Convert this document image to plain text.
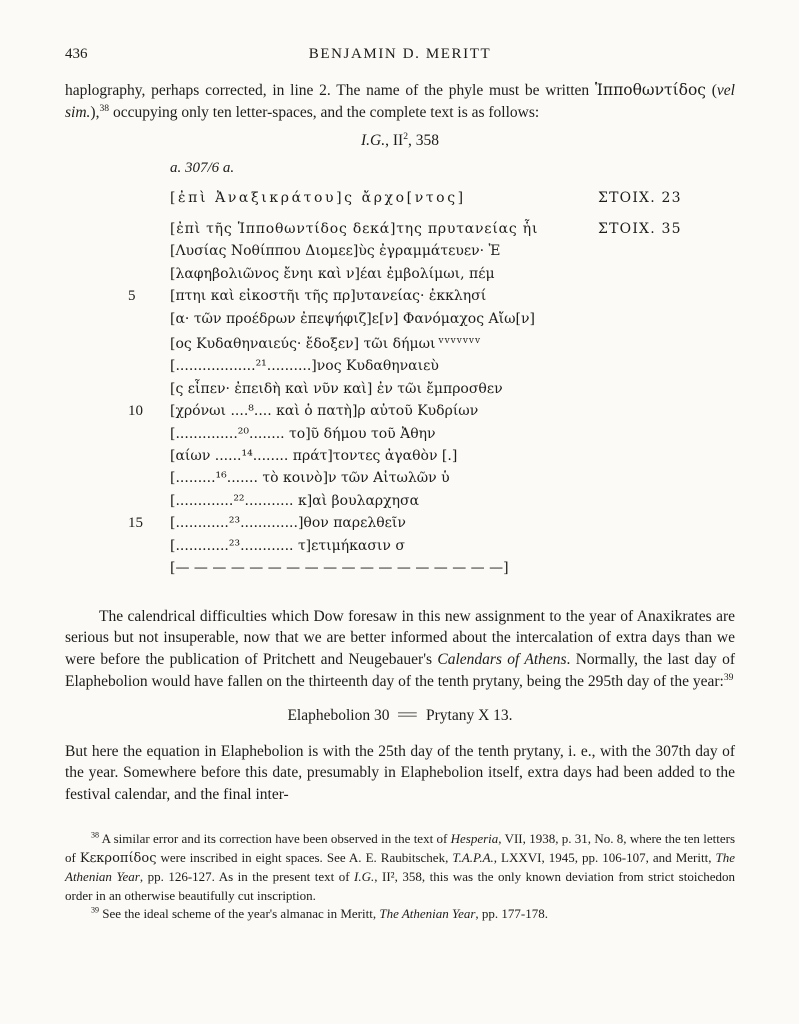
436	BENJAMIN D. MERITT

haplography, perhaps corrected, in line 2. The name of the phyle must be written Ἱπποθωντίδος (vel sim.),$^{38}$ occupying only ten letter-spaces, and the complete text is as follows:

I.G., $II^2$, 358
a. 307/6 a.
[ἐπὶ Ἀναξικράτου]ς ἄρχο[ντος]	ΣΤΟΙΧ. 23
[ἐπὶ τῆς Ἱπποθωντίδος δεκά]της πρυτανείας ἧι	ΣΤΟΙΧ. 35
[Λυσίας Νοθίππου Διομεε]ὺς ἐγραμμάτευεν· Ἐ
[λαφηβολιῶνος ἔνηι καὶ ν]έαι ἐμβολίμωι, πέμ
5	[πτηι καὶ εἰκοστῆι τῆς πρ]υτανείας· ἐκκλησί
[α· τῶν προέδρων ἐπεψήφιζ]ε[ν] Φανόμαχος Αἴω[ν]
[ος Κυδαθηναιεύς· ἔδοξεν] τῶι δήμωι $^{vvvvvvv}$
[..................²¹..........]νος Κυδαθηναιεὺ
[ς εἶπεν· ἐπειδὴ καὶ νῦν καὶ] ἐν τῶι ἔμπροσθεν
10	[χρόνωι ....⁸.... καὶ ὁ πατὴ]ρ αὐτοῦ Κυδρίων
[..............²⁰........ το]ῦ δήμου τοῦ Ἀθην
[αίων ......¹⁴........ πράτ]τοντες ἀγαθὸν [.]
[.........¹⁶....... τὸ κοινὸ]ν τῶν Αἰτωλῶν ὑ
[.............²²........... κ]αὶ βουλαρχησα
15	[............²³.............]θον παρελθεῖν
[............²³............ τ]ετιμήκασιν σ
[— — — — — — — — — — — — — — — — — —]

The calendrical difficulties which Dow foresaw in this new assignment to the year of Anaxikrates are serious but not insuperable, now that we are better informed about the intercalation of extra days than we were before the publication of Pritchett and Neugebauer's Calendars of Athens. Normally, the last day of Elaphebolion would have fallen on the thirteenth day of the tenth prytany, being the 295th day of the year:$^{39}$

Elaphebolion 30 = Prytany X 13.

But here the equation in Elaphebolion is with the 25th day of the tenth prytany, i. e., with the 307th day of the year. Somewhere before this date, presumably in Elaphebolion itself, extra days had been added to the festival calendar, and the final inter-

$^{38}$ A similar error and its correction have been observed in the text of Hesperia, VII, 1938, p. 31, No. 8, where the ten letters of Κεκροπίδος were inscribed in eight spaces. See A. E. Raubitschek, T.A.P.A., LXXVI, 1945, pp. 106-107, and Meritt, The Athenian Year, pp. 126-127. As in the present text of I.G., II², 358, this was the only known deviation from strict stoichedon order in an otherwise beautifully cut inscription.

$^{39}$ See the ideal scheme of the year's almanac in Meritt, The Athenian Year, pp. 177-178.
